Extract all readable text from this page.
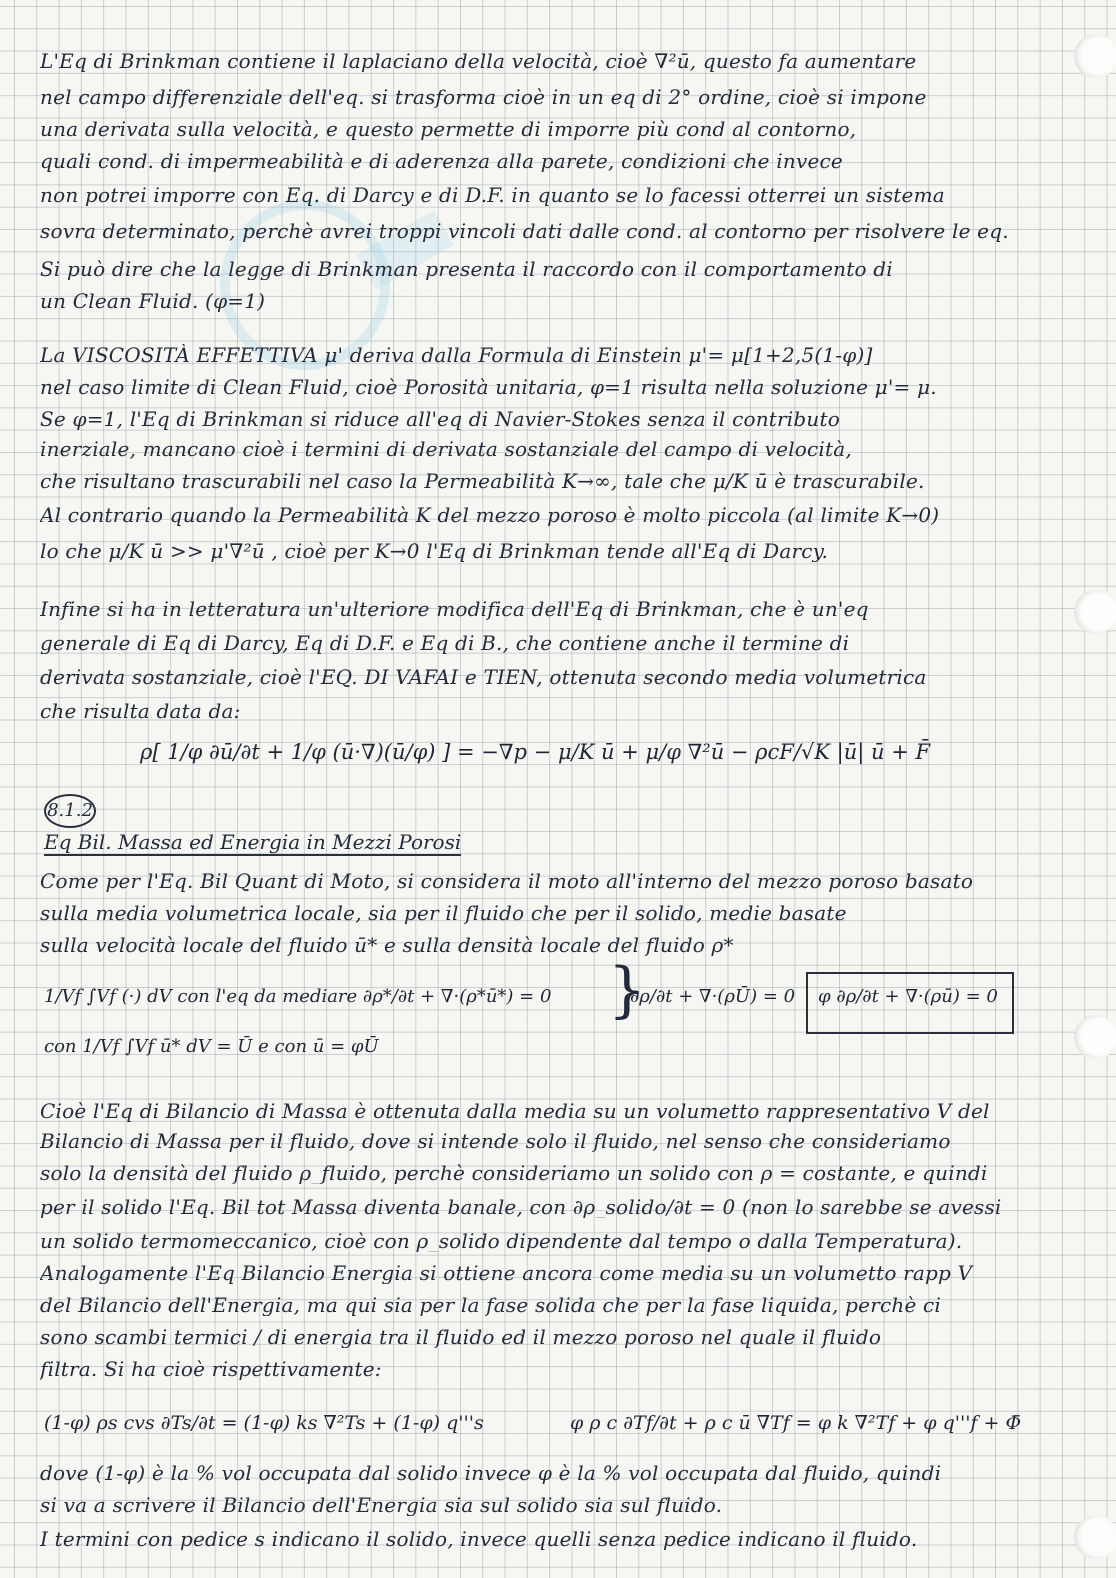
L'Eq di Brinkman contiene il laplaciano della velocità, cioè ∇²ū, questo fa aumentare
nel campo differenziale dell'eq. si trasforma cioè in un eq di 2° ordine, cioè si impone
una derivata sulla velocità, e questo permette di imporre più cond al contorno,
quali cond. di impermeabilità e di aderenza alla parete, condizioni che invece
non potrei imporre con Eq. di Darcy e di D.F. in quanto se lo facessi otterrei un sistema
sovra determinato, perchè avrei troppi vincoli dati dalle cond. al contorno per risolvere le eq.
Si può dire che la legge di Brinkman presenta il raccordo con il comportamento di
un Clean Fluid. (φ=1)
La VISCOSITÀ EFFETTIVA μ' deriva dalla Formula di Einstein μ'= μ[1+2,5(1-φ)]
nel caso limite di Clean Fluid, cioè Porosità unitaria, φ=1 risulta nella soluzione μ'= μ.
Se φ=1, l'Eq di Brinkman si riduce all'eq di Navier-Stokes senza il contributo
inerziale, mancano cioè i termini di derivata sostanziale del campo di velocità,
che risultano trascurabili nel caso la Permeabilità K→∞, tale che μ/K ū è trascurabile.
Al contrario quando la Permeabilità K del mezzo poroso è molto piccola (al limite K→0)
lo che μ/K ū >> μ'∇²ū , cioè per K→0 l'Eq di Brinkman tende all'Eq di Darcy.
Infine si ha in letteratura un'ulteriore modifica dell'Eq di Brinkman, che è un'eq
generale di Eq di Darcy, Eq di D.F. e Eq di B., che contiene anche il termine di
derivata sostanziale, cioè l'EQ. DI VAFAI e TIEN, ottenuta secondo media volumetrica
che risulta data da:
ρ[ 1/φ ∂ū/∂t + 1/φ (ū·∇)(ū/φ) ] = −∇p − μ/K ū + μ/φ ∇²ū − ρcF/√K |ū| ū + F̄
8.1.2
Eq Bil. Massa ed Energia in Mezzi Porosi
Come per l'Eq. Bil Quant di Moto, si considera il moto all'interno del mezzo poroso basato
sulla media volumetrica locale, sia per il fluido che per il solido, medie basate
sulla velocità locale del fluido ū* e sulla densità locale del fluido ρ*
1/Vf ∫Vf (·) dV con l'eq da mediare ∂ρ*/∂t + ∇·(ρ*ū*) = 0 }
∂ρ/∂t + ∇·(ρŪ) = 0 φ ∂ρ/∂t + ∇·(ρū) = 0
con 1/Vf ∫Vf ū* dV = Ū e con ū = φŪ
Cioè l'Eq di Bilancio di Massa è ottenuta dalla media su un volumetto rappresentativo V del
Bilancio di Massa per il fluido, dove si intende solo il fluido, nel senso che consideriamo
solo la densità del fluido ρ_fluido, perchè consideriamo un solido con ρ = costante, e quindi
per il solido l'Eq. Bil tot Massa diventa banale, con ∂ρ_solido/∂t = 0 (non lo sarebbe se avessi
un solido termomeccanico, cioè con ρ_solido dipendente dal tempo o dalla Temperatura).
Analogamente l'Eq Bilancio Energia si ottiene ancora come media su un volumetto rapp V
del Bilancio dell'Energia, ma qui sia per la fase solida che per la fase liquida, perchè ci
sono scambi termici / di energia tra il fluido ed il mezzo poroso nel quale il fluido
filtra. Si ha cioè rispettivamente:
(1-φ) ρs cvs ∂Ts/∂t = (1-φ) ks ∇²Ts + (1-φ) q'''s	φ ρ c ∂Tf/∂t + ρ c ū ∇Tf = φ k ∇²Tf + φ q'''f + Φ̄
dove (1-φ) è la % vol occupata dal solido invece φ è la % vol occupata dal fluido, quindi
si va a scrivere il Bilancio dell'Energia sia sul solido sia sul fluido.
I termini con pedice s indicano il solido, invece quelli senza pedice indicano il fluido.
